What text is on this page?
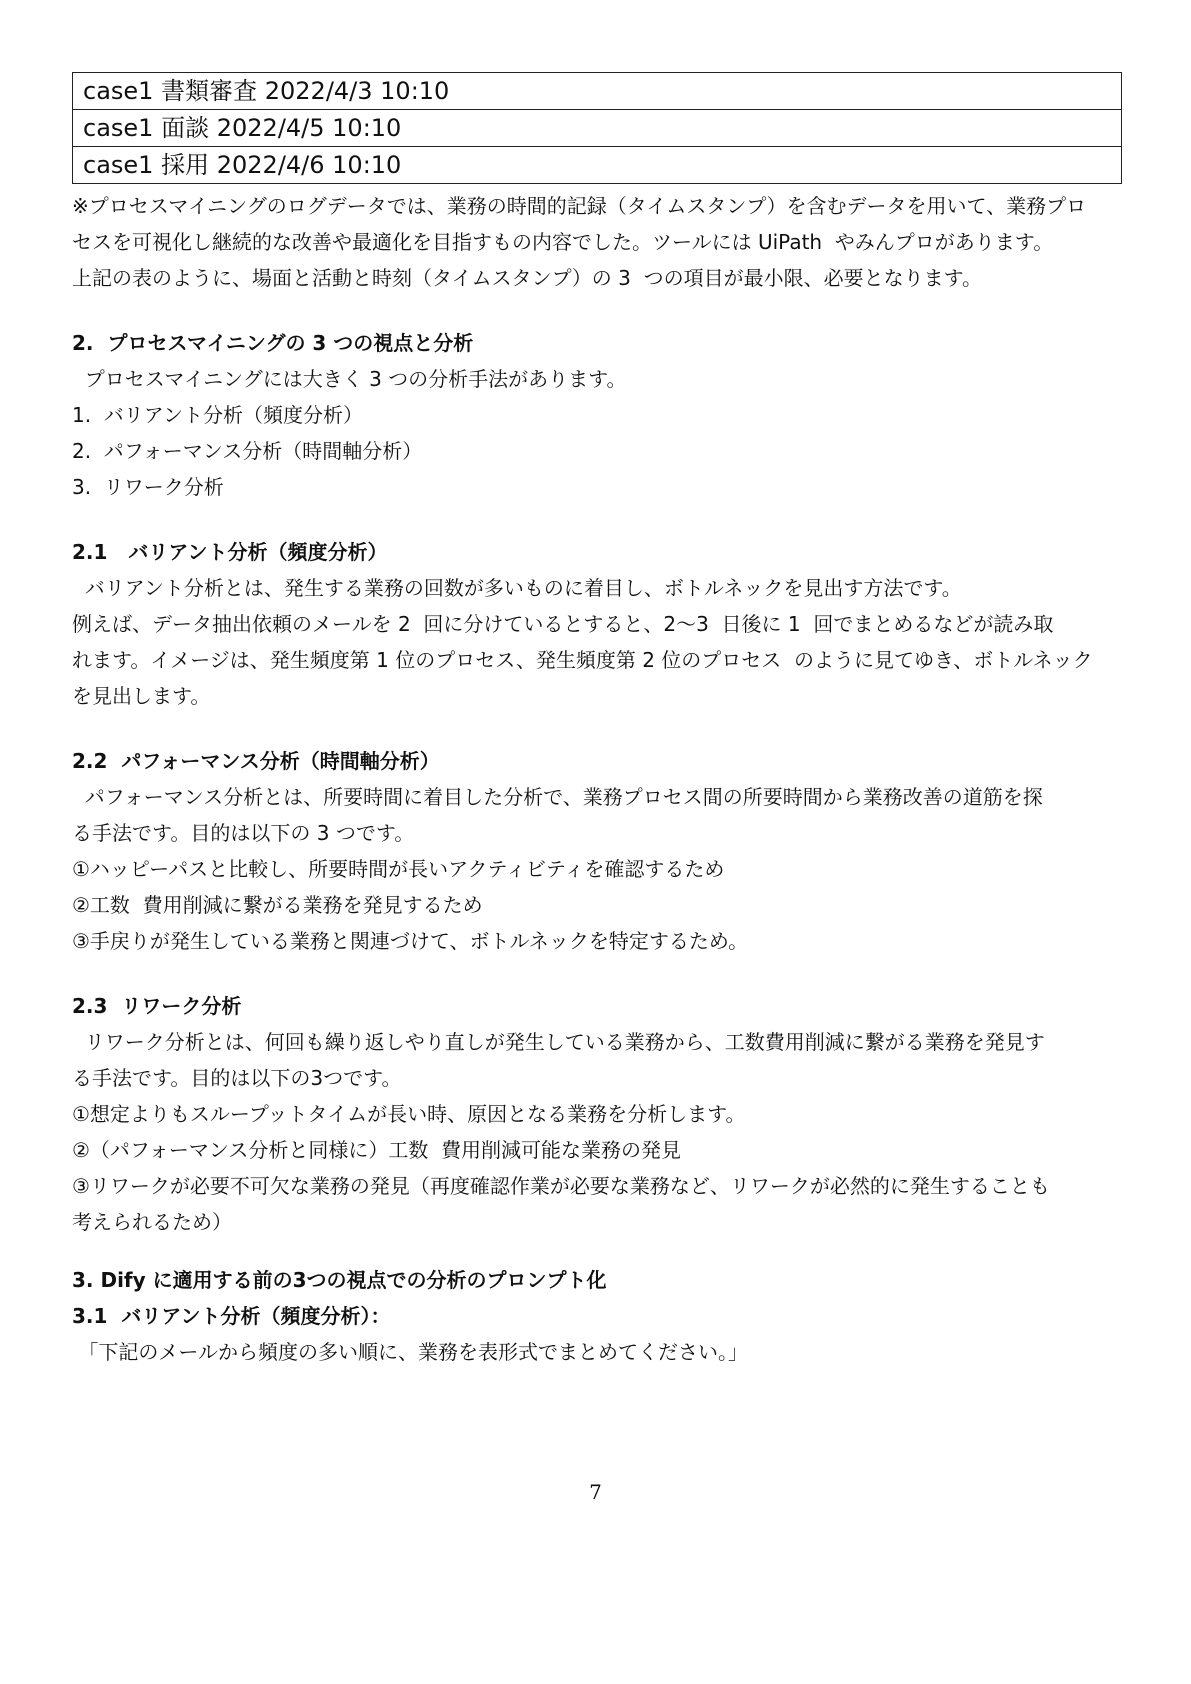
case1 書類審査 2022/4/3 10:10
case1 面談 2022/4/5 10:10
case1 採用 2022/4/6 10:10

※プロセスマイニングのログデータでは、業務の時間的記録（タイムスタンプ）を含むデータを用いて、業務プロ

セスを可視化し継続的な改善や最適化を目指すもの内容でした。ツールには UiPath  やみんプロがあります。

上記の表のように、場面と活動と時刻（タイムスタンプ）の 3  つの項目が最小限、必要となります。

2.  プロセスマイニングの 3 つの視点と分析

プロセスマイニングには大きく 3 つの分析手法があります。

1.  バリアント分析（頻度分析）

2.  パフォーマンス分析（時間軸分析）

3.  リワーク分析

2.1   バリアント分析（頻度分析）

バリアント分析とは、発生する業務の回数が多いものに着目し、ボトルネックを見出す方法です。

例えば、データ抽出依頼のメールを 2  回に分けているとすると、2～3  日後に 1  回でまとめるなどが読み取

れます。イメージは、発生頻度第 1 位のプロセス、発生頻度第 2 位のプロセス  のように見てゆき、ボトルネック

を見出します。

2.2  パフォーマンス分析（時間軸分析）

パフォーマンス分析とは、所要時間に着目した分析で、業務プロセス間の所要時間から業務改善の道筋を探

る手法です。目的は以下の 3 つです。

①ハッピーパスと比較し、所要時間が長いアクティビティを確認するため

②工数  費用削減に繋がる業務を発見するため

③手戻りが発生している業務と関連づけて、ボトルネックを特定するため。

2.3  リワーク分析

リワーク分析とは、何回も繰り返しやり直しが発生している業務から、工数費用削減に繋がる業務を発見す

る手法です。目的は以下の3つです。

①想定よりもスループットタイムが長い時、原因となる業務を分析します。

②（パフォーマンス分析と同様に）工数  費用削減可能な業務の発見

③リワークが必要不可欠な業務の発見（再度確認作業が必要な業務など、リワークが必然的に発生することも

考えられるため）

3. Dify に適用する前の3つの視点での分析のプロンプト化

3.1  バリアント分析（頻度分析）：

「下記のメールから頻度の多い順に、業務を表形式でまとめてください。」

7
